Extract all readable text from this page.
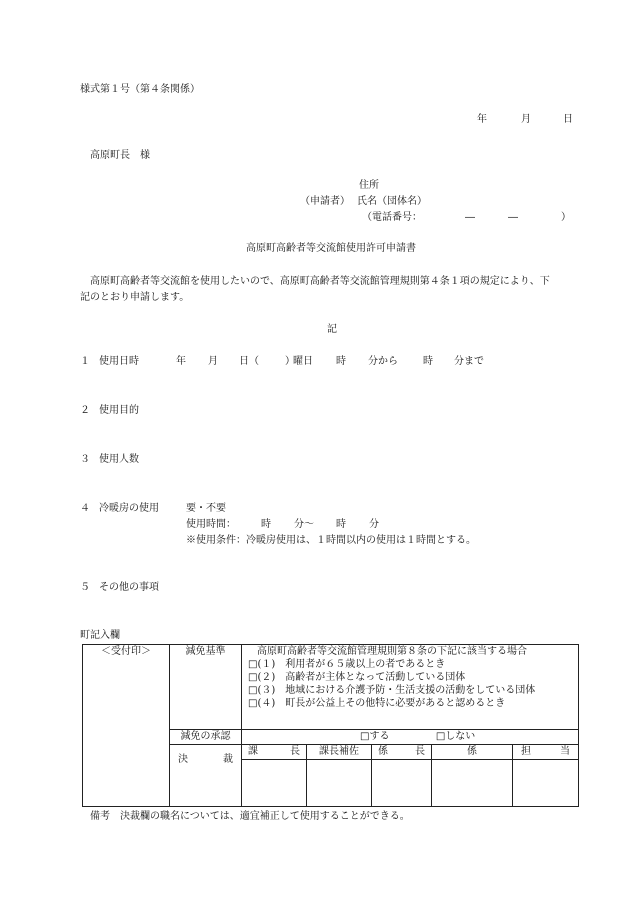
様式第１号（第４条関係）
年	月	日
高原町長　様
住所
（申請者） 氏名（団体名）
（電話番号：	―	―	）
高原町高齢者等交流館使用許可申請書
高原町高齢者等交流館を使用したいので、高原町高齢者等交流館管理規則第４条１項の規定により、下
記のとおり申請します。
記
１ 使用日時	年 月 日（	）
曜日 時 分から	時 分まで
２ 使用目的
３ 使用人数
４ 冷暖房の使用	要・不要
使用時間：	時 分～ 時 分
※使用条件：冷暖房使用は、１時間以内の使用は１時間とする。
５ その他の事項
町記入欄
＜受付印＞	減免基準	高原町高齢者等交流館管理規則第８条の下記に該当する場合
□(１)　利用者が６５歳以上の者であるとき
□(２)　高齢者が主体となって活動している団体
□(３)　地域における介護予防・生活支援の活動をしている団体
□(４)　町長が公益上その他特に必要があると認めるとき				

	減免の承認	□する □しない				

	決 裁	課 長	課長補佐	係 長	係	担 当

備考　決裁欄の職名については、適宜補正して使用することができる。
